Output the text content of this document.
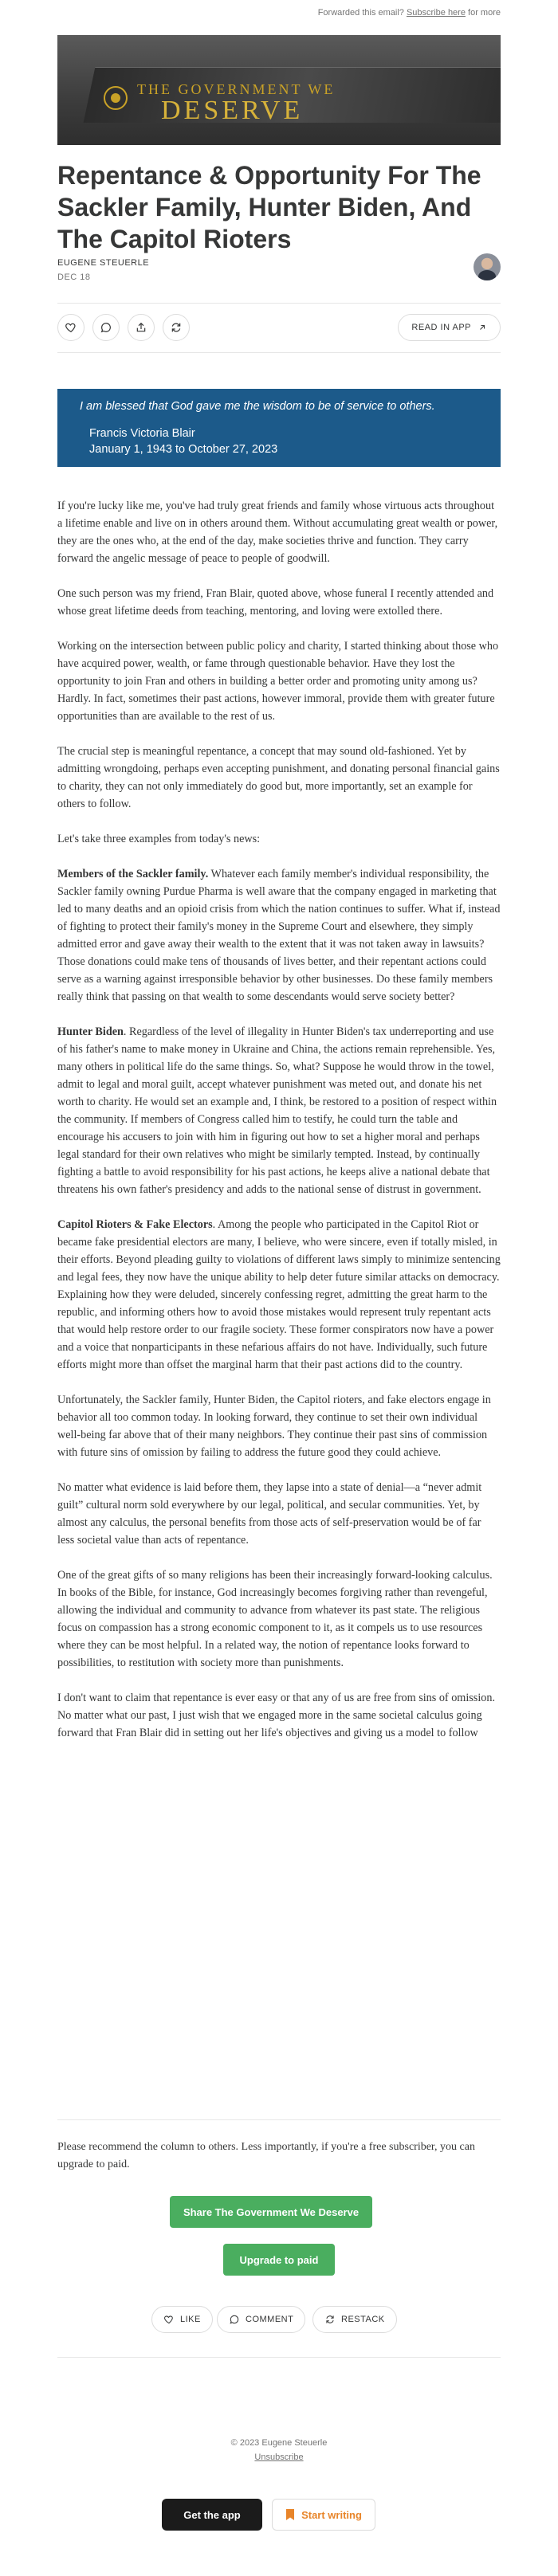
Forwarded this email? Subscribe here for more
THE GOVERNMENT WE
DESERVE
Repentance & Opportunity For The Sackler Family, Hunter Biden, And The Capitol Rioters
EUGENE STEUERLE
DEC 18
READ IN APP
I am blessed that God gave me the wisdom to be of service to others.
Francis Victoria Blair
January 1, 1943 to October 27, 2023

If you're lucky like me, you've had truly great friends and family whose virtuous acts throughout a lifetime enable and live on in others around them. Without accumulating great wealth or power, they are the ones who, at the end of the day, make societies thrive and function. They carry forward the angelic message of peace to people of goodwill.

One such person was my friend, Fran Blair, quoted above, whose funeral I recently attended and whose great lifetime deeds from teaching, mentoring, and loving were extolled there.

Working on the intersection between public policy and charity, I started thinking about those who have acquired power, wealth, or fame through questionable behavior. Have they lost the opportunity to join Fran and others in building a better order and promoting unity among us? Hardly. In fact, sometimes their past actions, however immoral, provide them with greater future opportunities than are available to the rest of us.

The crucial step is meaningful repentance, a concept that may sound old-fashioned. Yet by admitting wrongdoing, perhaps even accepting punishment, and donating personal financial gains to charity, they can not only immediately do good but, more importantly, set an example for others to follow.

Let's take three examples from today's news:

Members of the Sackler family. Whatever each family member's individual responsibility, the Sackler family owning Purdue Pharma is well aware that the company engaged in marketing that led to many deaths and an opioid crisis from which the nation continues to suffer. What if, instead of fighting to protect their family's money in the Supreme Court and elsewhere, they simply admitted error and gave away their wealth to the extent that it was not taken away in lawsuits? Those donations could make tens of thousands of lives better, and their repentant actions could serve as a warning against irresponsible behavior by other businesses. Do these family members really think that passing on that wealth to some descendants would serve society better?

Hunter Biden. Regardless of the level of illegality in Hunter Biden's tax underreporting and use of his father's name to make money in Ukraine and China, the actions remain reprehensible. Yes, many others in political life do the same things. So, what? Suppose he would throw in the towel, admit to legal and moral guilt, accept whatever punishment was meted out, and donate his net worth to charity. He would set an example and, I think, be restored to a position of respect within the community. If members of Congress called him to testify, he could turn the table and encourage his accusers to join with him in figuring out how to set a higher moral and perhaps legal standard for their own relatives who might be similarly tempted. Instead, by continually fighting a battle to avoid responsibility for his past actions, he keeps alive a national debate that threatens his own father's presidency and adds to the national sense of distrust in government.

Capitol Rioters & Fake Electors. Among the people who participated in the Capitol Riot or became fake presidential electors are many, I believe, who were sincere, even if totally misled, in their efforts. Beyond pleading guilty to violations of different laws simply to minimize sentencing and legal fees, they now have the unique ability to help deter future similar attacks on democracy. Explaining how they were deluded, sincerely confessing regret, admitting the great harm to the republic, and informing others how to avoid those mistakes would represent truly repentant acts that would help restore order to our fragile society. These former conspirators now have a power and a voice that nonparticipants in these nefarious affairs do not have. Individually, such future efforts might more than offset the marginal harm that their past actions did to the country.

Unfortunately, the Sackler family, Hunter Biden, the Capitol rioters, and fake electors engage in behavior all too common today. In looking forward, they continue to set their own individual well-being far above that of their many neighbors. They continue their past sins of commission with future sins of omission by failing to address the future good they could achieve.

No matter what evidence is laid before them, they lapse into a state of denial—a “never admit guilt” cultural norm sold everywhere by our legal, political, and secular communities. Yet, by almost any calculus, the personal benefits from those acts of self-preservation would be of far less societal value than acts of repentance.

One of the great gifts of so many religions has been their increasingly forward-looking calculus. In books of the Bible, for instance, God increasingly becomes forgiving rather than revengeful, allowing the individual and community to advance from whatever its past state. The religious focus on compassion has a strong economic component to it, as it compels us to use resources where they can be most helpful. In a related way, the notion of repentance looks forward to possibilities, to restitution with society more than punishments.

I don't want to claim that repentance is ever easy or that any of us are free from sins of omission. No matter what our past, I just wish that we engaged more in the same societal calculus going forward that Fran Blair did in setting out her life's objectives and giving us a model to follow

Please recommend the column to others. Less importantly, if you're a free subscriber, you can upgrade to paid.
Share The Government We Deserve
Upgrade to paid
LIKE	COMMENT	RESTACK
© 2023 Eugene Steuerle
Unsubscribe
Get the app	Start writing
